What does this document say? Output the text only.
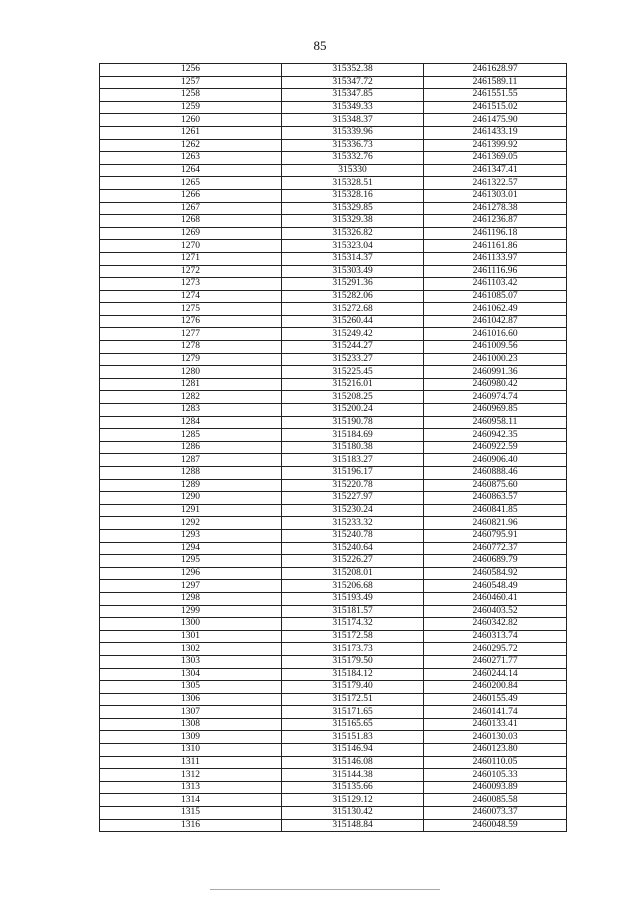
85
1256	315352.38	2461628.97
1257	315347.72	2461589.11
1258	315347.85	2461551.55
1259	315349.33	2461515.02
1260	315348.37	2461475.90
1261	315339.96	2461433.19
1262	315336.73	2461399.92
1263	315332.76	2461369.05
1264	315330	2461347.41
1265	315328.51	2461322.57
1266	315328.16	2461303.01
1267	315329.85	2461278.38
1268	315329.38	2461236.87
1269	315326.82	2461196.18
1270	315323.04	2461161.86
1271	315314.37	2461133.97
1272	315303.49	2461116.96
1273	315291.36	2461103.42
1274	315282.06	2461085.07
1275	315272.68	2461062.49
1276	315260.44	2461042.87
1277	315249.42	2461016.60
1278	315244.27	2461009.56
1279	315233.27	2461000.23
1280	315225.45	2460991.36
1281	315216.01	2460980.42
1282	315208.25	2460974.74
1283	315200.24	2460969.85
1284	315190.78	2460958.11
1285	315184.69	2460942.35
1286	315180.38	2460922.59
1287	315183.27	2460906.40
1288	315196.17	2460888.46
1289	315220.78	2460875.60
1290	315227.97	2460863.57
1291	315230.24	2460841.85
1292	315233.32	2460821.96
1293	315240.78	2460795.91
1294	315240.64	2460772.37
1295	315226.27	2460689.79
1296	315208.01	2460584.92
1297	315206.68	2460548.49
1298	315193.49	2460460.41
1299	315181.57	2460403.52
1300	315174.32	2460342.82
1301	315172.58	2460313.74
1302	315173.73	2460295.72
1303	315179.50	2460271.77
1304	315184.12	2460244.14
1305	315179.40	2460200.84
1306	315172.51	2460155.49
1307	315171.65	2460141.74
1308	315165.65	2460133.41
1309	315151.83	2460130.03
1310	315146.94	2460123.80
1311	315146.08	2460110.05
1312	315144.38	2460105.33
1313	315135.66	2460093.89
1314	315129.12	2460085.58
1315	315130.42	2460073.37
1316	315148.84	2460048.59
